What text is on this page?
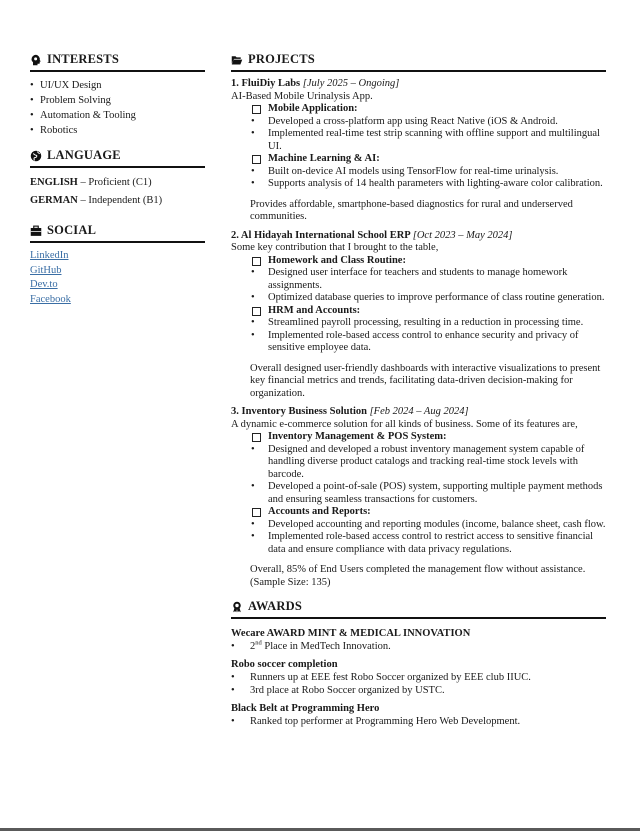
INTERESTS
• UI/UX Design
• Problem Solving
• Automation & Tooling
• Robotics
LANGUAGE
ENGLISH – Proficient (C1)
GERMAN – Independent (B1)
SOCIAL
LinkedIn
GitHub
Dev.to
Facebook
PROJECTS
1. FluiDiy Labs [July 2025 – Ongoing]
AI-Based Mobile Urinalysis App.
Mobile Application:
• Developed a cross-platform app using React Native (iOS & Android.
• Implemented real-time test strip scanning with offline support and multilingual UI.
Machine Learning & AI:
• Built on-device AI models using TensorFlow for real-time urinalysis.
• Supports analysis of 14 health parameters with lighting-aware color calibration.
Provides affordable, smartphone-based diagnostics for rural and underserved communities.
2. Al Hidayah International School ERP [Oct 2023 – May 2024]
Some key contribution that I brought to the table,
Homework and Class Routine:
• Designed user interface for teachers and students to manage homework assignments.
• Optimized database queries to improve performance of class routine generation.
HRM and Accounts:
• Streamlined payroll processing, resulting in a reduction in processing time.
• Implemented role-based access control to enhance security and privacy of sensitive employee data.
Overall designed user-friendly dashboards with interactive visualizations to present key financial metrics and trends, facilitating data-driven decision-making for organization.
3. Inventory Business Solution [Feb 2024 – Aug 2024]
A dynamic e-commerce solution for all kinds of business. Some of its features are,
Inventory Management & POS System:
• Designed and developed a robust inventory management system capable of handling diverse product catalogs and tracking real-time stock levels with barcode.
• Developed a point-of-sale (POS) system, supporting multiple payment methods and ensuring seamless transactions for customers.
Accounts and Reports:
• Developed accounting and reporting modules (income, balance sheet, cash flow.
• Implemented role-based access control to restrict access to sensitive financial data and ensure compliance with data privacy regulations.
Overall, 85% of End Users completed the management flow without assistance. (Sample Size: 135)
AWARDS
Wecare AWARD MINT & MEDICAL INNOVATION
• 2nd Place in MedTech Innovation.
Robo soccer completion
• Runners up at EEE fest Robo Soccer organized by EEE club IIUC.
• 3rd place at Robo Soccer organized by USTC.
Black Belt at Programming Hero
• Ranked top performer at Programming Hero Web Development.
